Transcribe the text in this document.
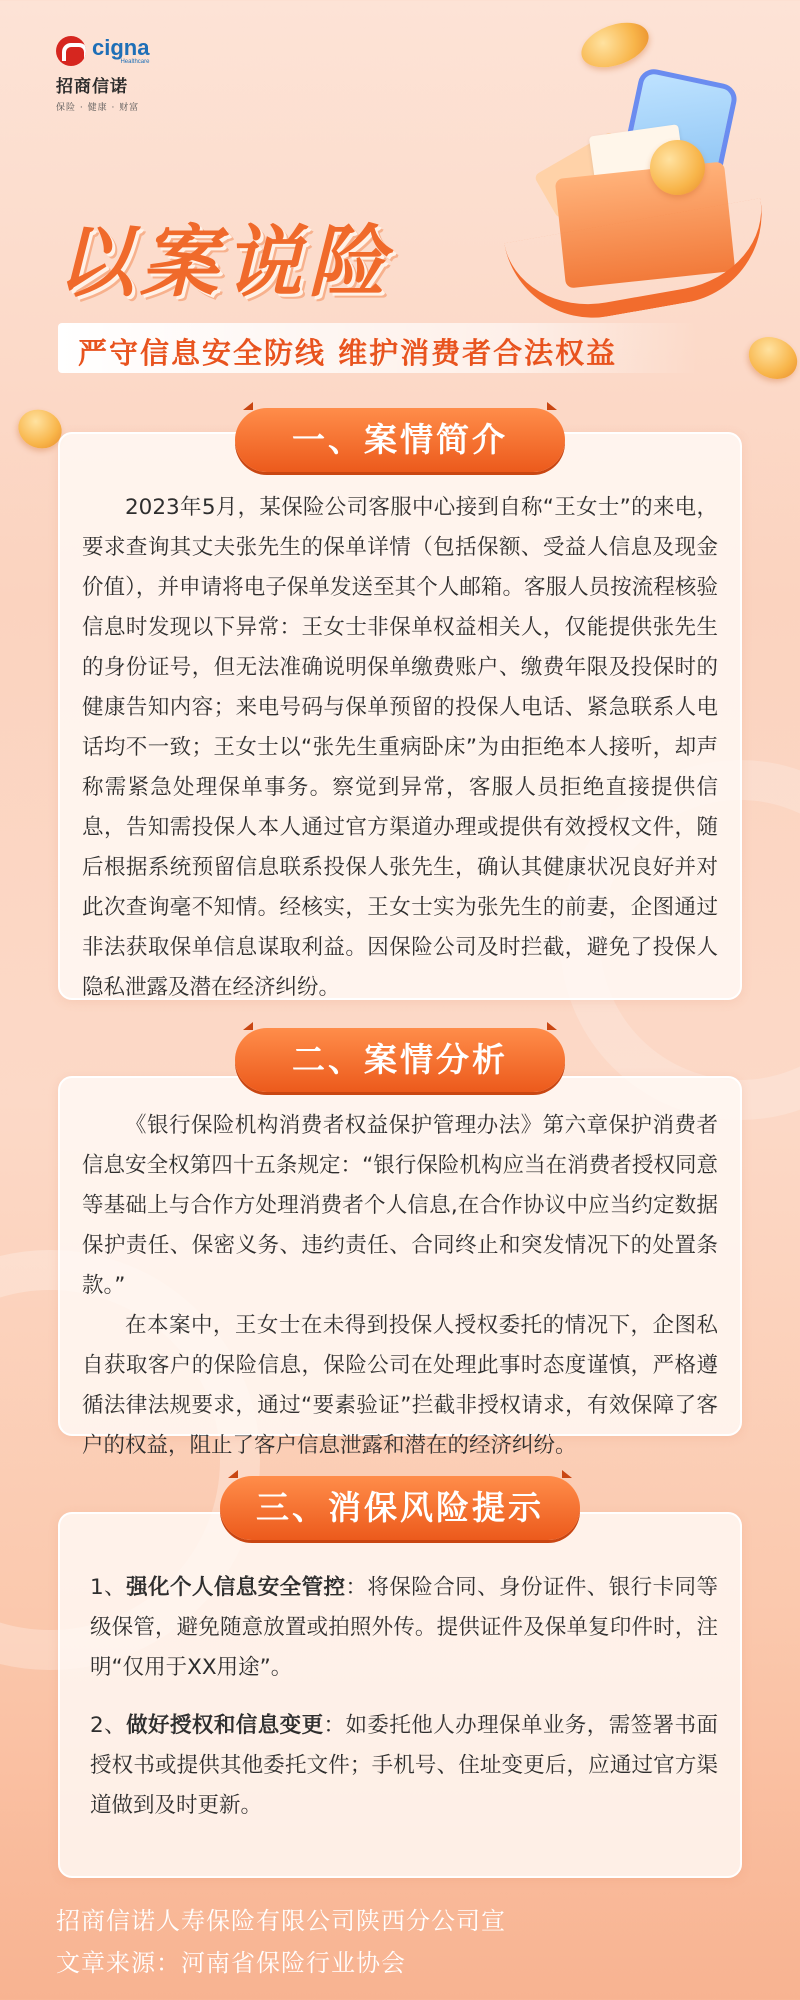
cigna
Healthcare
招商信诺
保险 · 健康 · 财富
以案说险
严守信息安全防线 维护消费者合法权益
一、案情简介

2023年5月，某保险公司客服中心接到自称“王女士”的来电，要求查询其丈夫张先生的保单详情（包括保额、受益人信息及现金价值），并申请将电子保单发送至其个人邮箱。客服人员按流程核验信息时发现以下异常：王女士非保单权益相关人，仅能提供张先生的身份证号，但无法准确说明保单缴费账户、缴费年限及投保时的健康告知内容；来电号码与保单预留的投保人电话、紧急联系人电话均不一致；王女士以“张先生重病卧床”为由拒绝本人接听，却声称需紧急处理保单事务。察觉到异常，客服人员拒绝直接提供信息，告知需投保人本人通过官方渠道办理或提供有效授权文件，随后根据系统预留信息联系投保人张先生，确认其健康状况良好并对此次查询毫不知情。经核实，王女士实为张先生的前妻，企图通过非法获取保单信息谋取利益。因保险公司及时拦截，避免了投保人隐私泄露及潜在经济纠纷。

二、案情分析

《银行保险机构消费者权益保护管理办法》第六章保护消费者信息安全权第四十五条规定：“银行保险机构应当在消费者授权同意等基础上与合作方处理消费者个人信息,在合作协议中应当约定数据保护责任、保密义务、违约责任、合同终止和突发情况下的处置条款。”

在本案中，王女士在未得到投保人授权委托的情况下，企图私自获取客户的保险信息，保险公司在处理此事时态度谨慎，严格遵循法律法规要求，通过“要素验证”拦截非授权请求，有效保障了客户的权益，阻止了客户信息泄露和潜在的经济纠纷。

三、消保风险提示

1、强化个人信息安全管控：将保险合同、身份证件、银行卡同等级保管，避免随意放置或拍照外传。提供证件及保单复印件时，注明“仅用于XX用途”。

2、做好授权和信息变更：如委托他人办理保单业务，需签署书面授权书或提供其他委托文件；手机号、住址变更后，应通过官方渠道做到及时更新。

招商信诺人寿保险有限公司陕西分公司宣
文章来源：河南省保险行业协会
